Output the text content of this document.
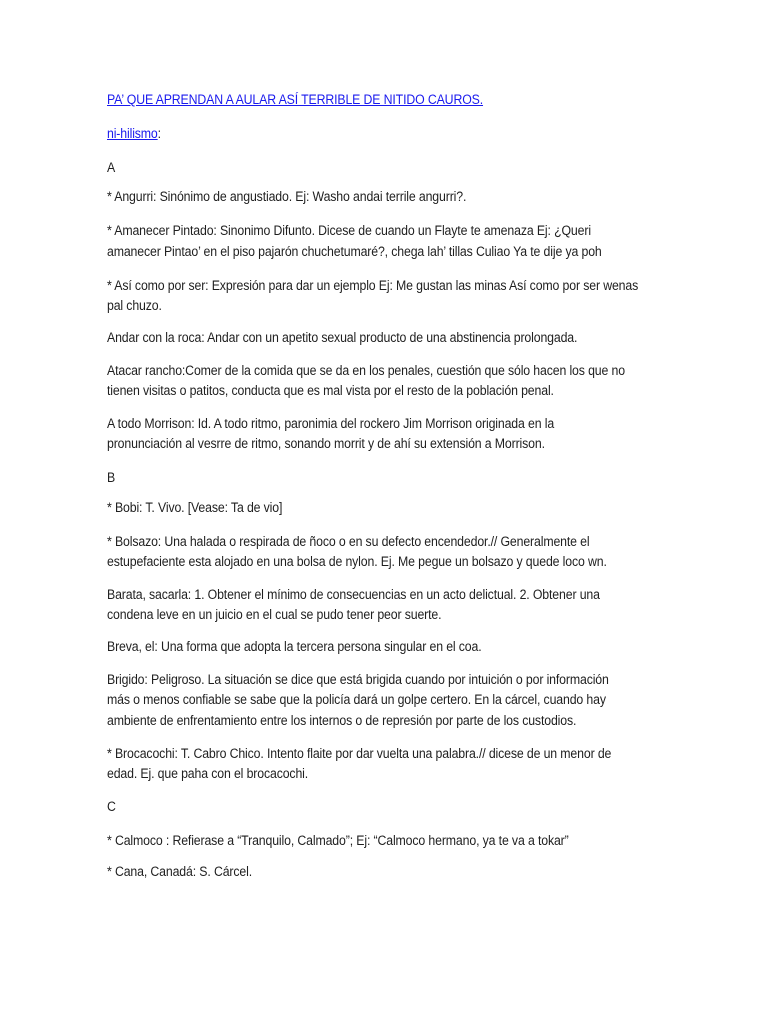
PA’ QUE APRENDAN A AULAR ASÍ TERRIBLE DE NITIDO CAUROS.
ni-hilismo:
A
* Angurri: Sinónimo de angustiado. Ej: Washo andai terrile angurri?.
* Amanecer Pintado: Sinonimo Difunto. Dicese de cuando un Flayte te amenaza Ej: ¿Queri
amanecer Pintao’ en el piso pajarón chuchetumaré?, chega lah’ tillas Culiao Ya te dije ya poh
* Así como por ser: Expresión para dar un ejemplo Ej: Me gustan las minas Así como por ser wenas
pal chuzo.
Andar con la roca: Andar con un apetito sexual producto de una abstinencia prolongada.
Atacar rancho:Comer de la comida que se da en los penales, cuestión que sólo hacen los que no
tienen visitas o patitos, conducta que es mal vista por el resto de la población penal.
A todo Morrison: Id. A todo ritmo, paronimia del rockero Jim Morrison originada en la
pronunciación al vesrre de ritmo, sonando morrit y de ahí su extensión a Morrison.
B
* Bobi: T. Vivo. [Vease: Ta de vio]
* Bolsazo: Una halada o respirada de ñoco o en su defecto encendedor.// Generalmente el
estupefaciente esta alojado en una bolsa de nylon. Ej. Me pegue un bolsazo y quede loco wn.
Barata, sacarla: 1. Obtener el mínimo de consecuencias en un acto delictual. 2. Obtener una
condena leve en un juicio en el cual se pudo tener peor suerte.
Breva, el: Una forma que adopta la tercera persona singular en el coa.
Brigido: Peligroso. La situación se dice que está brigida cuando por intuición o por información
más o menos confiable se sabe que la policía dará un golpe certero. En la cárcel, cuando hay
ambiente de enfrentamiento entre los internos o de represión por parte de los custodios.
* Brocacochi: T. Cabro Chico. Intento flaite por dar vuelta una palabra.// dicese de un menor de
edad. Ej. que paha con el brocacochi.
C
* Calmoco : Refierase a “Tranquilo, Calmado”; Ej: “Calmoco hermano, ya te va a tokar”
* Cana, Canadá: S. Cárcel.
